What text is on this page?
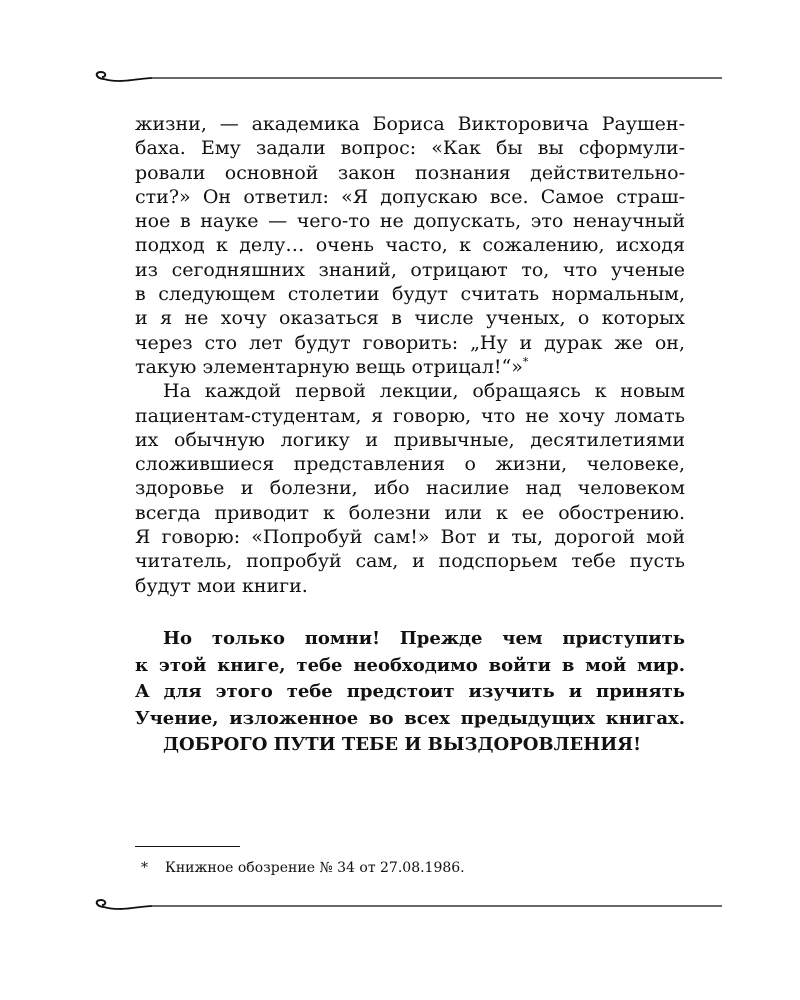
жизни, — академика Бориса Викторовича Раушен-
баха. Ему задали вопрос: «Как бы вы сформули-
ровали основной закон познания действительно-
сти?» Он ответил: «Я допускаю все. Самое страш-
ное в науке — чего-то не допускать, это ненаучный
подход к делу… очень часто, к сожалению, исходя
из сегодняшних знаний, отрицают то, что ученые
в следующем столетии будут считать нормальным,
и я не хочу оказаться в числе ученых, о которых
через сто лет будут говорить: „Ну и дурак же он,
такую элементарную вещь отрицал!“»*
На каждой первой лекции, обращаясь к новым
пациентам-студентам, я говорю, что не хочу ломать
их обычную логику и привычные, десятилетиями
сложившиеся представления о жизни, человеке,
здоровье и болезни, ибо насилие над человеком
всегда приводит к болезни или к ее обострению.
Я говорю: «Попробуй сам!» Вот и ты, дорогой мой
читатель, попробуй сам, и подспорьем тебе пусть
будут мои книги.
Но только помни! Прежде чем приступить
к этой книге, тебе необходимо войти в мой мир.
А для этого тебе предстоит изучить и принять
Учение, изложенное во всех предыдущих книгах.
ДОБРОГО ПУТИ ТЕБЕ И ВЫЗДОРОВЛЕНИЯ!
* Книжное обозрение № 34 от 27.08.1986.
